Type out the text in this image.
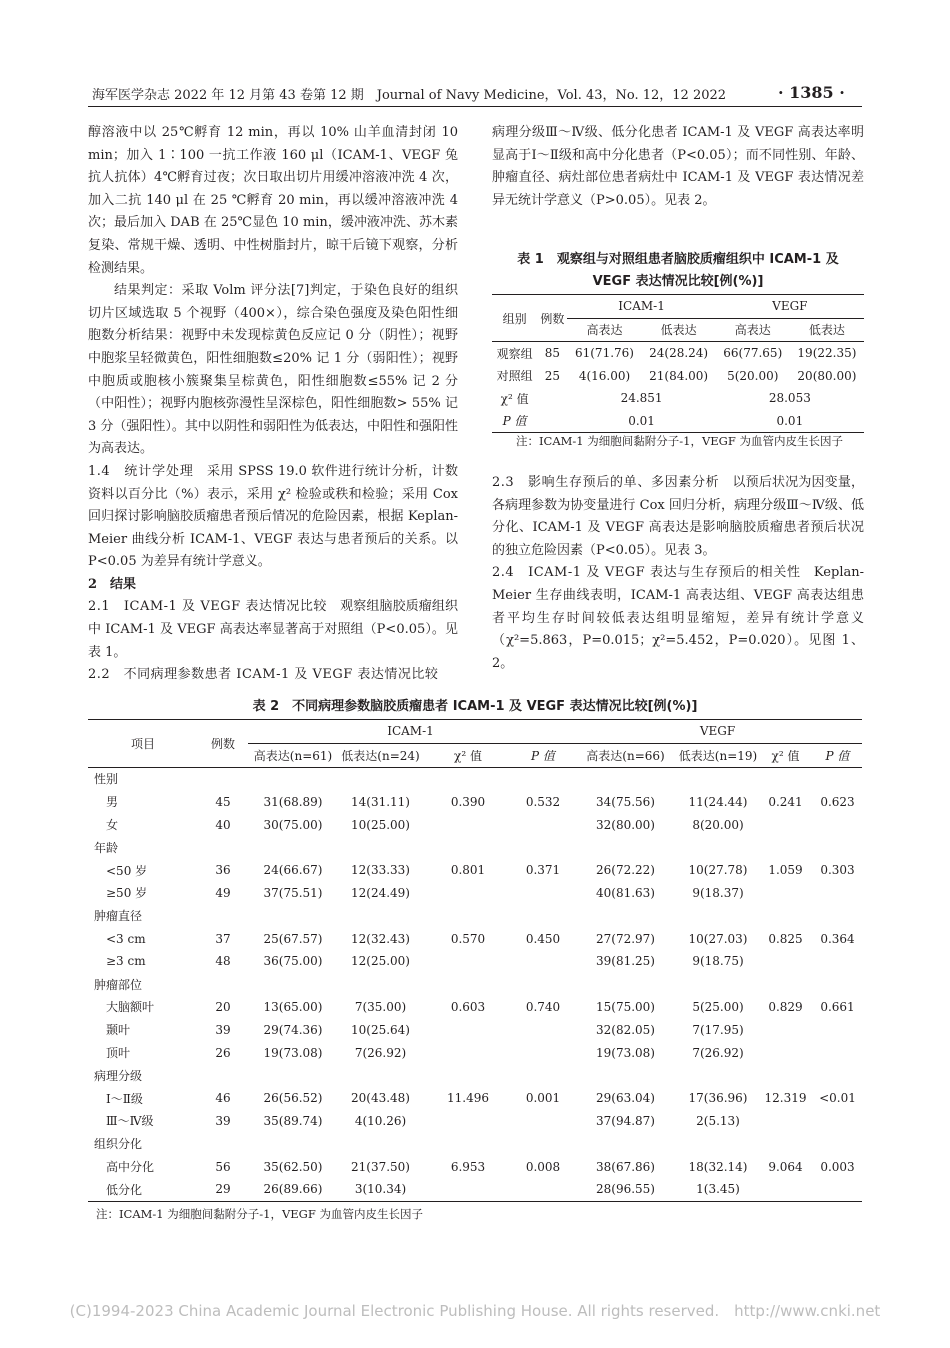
海军医学杂志 2022 年 12 月第 43 卷第 12 期　Journal of Navy Medicine，Vol. 43，No. 12，12 2022	· 1385 ·

醇溶液中以 25℃孵育 12 min，再以 10% 山羊血清封闭 10 min；加入 1∶100 一抗工作液 160 μl（ICAM-1、VEGF 兔抗人抗体）4℃孵育过夜；次日取出切片用缓冲溶液冲洗 4 次，加入二抗 140 μl 在 25 ℃孵育 20 min，再以缓冲溶液冲洗 4 次；最后加入 DAB 在 25℃显色 10 min，缓冲液冲洗、苏木素复染、常规干燥、透明、中性树脂封片，晾干后镜下观察，分析检测结果。

结果判定：采取 Volm 评分法[7]判定，于染色良好的组织切片区域选取 5 个视野（400×），综合染色强度及染色阳性细胞数分析结果：视野中未发现棕黄色反应记 0 分（阴性）；视野中胞浆呈轻微黄色，阳性细胞数≤20% 记 1 分（弱阳性）；视野中胞质或胞核小簇聚集呈棕黄色，阳性细胞数≤55% 记 2 分（中阳性）；视野内胞核弥漫性呈深棕色，阳性细胞数> 55% 记 3 分（强阳性）。其中以阴性和弱阳性为低表达，中阳性和强阳性为高表达。

1.4　统计学处理　采用 SPSS 19.0 软件进行统计分析，计数资料以百分比（%）表示，采用 χ² 检验或秩和检验；采用 Cox 回归探讨影响脑胶质瘤患者预后情况的危险因素，根据 Keplan-Meier 曲线分析 ICAM-1、VEGF 表达与患者预后的关系。以 P<0.05 为差异有统计学意义。

2　结果

2.1　ICAM-1 及 VEGF 表达情况比较　观察组脑胶质瘤组织中 ICAM-1 及 VEGF 高表达率显著高于对照组（P<0.05）。见表 1。

2.2　不同病理参数患者 ICAM-1 及 VEGF 表达情况比较

病理分级Ⅲ～Ⅳ级、低分化患者 ICAM-1 及 VEGF 高表达率明显高于Ⅰ～Ⅱ级和高中分化患者（P<0.05）；而不同性别、年龄、肿瘤直径、病灶部位患者病灶中 ICAM-1 及 VEGF 表达情况差异无统计学意义（P>0.05）。见表 2。

表 1　观察组与对照组患者脑胶质瘤组织中 ICAM-1 及
VEGF 表达情况比较[例(%)]
组别	例数	ICAM-1		VEGF	
		高表达	低表达	高表达	低表达
观察组	85	61(71.76)	24(28.24)	66(77.65)	19(22.35)
对照组	25	4(16.00)	21(84.00)	5(20.00)	20(80.00)
χ² 值		24.851		28.053	
P 值		0.01		0.01	
注：ICAM-1 为细胞间黏附分子-1，VEGF 为血管内皮生长因子

2.3　影响生存预后的单、多因素分析　以预后状况为因变量，各病理参数为协变量进行 Cox 回归分析，病理分级Ⅲ～Ⅳ级、低分化、ICAM-1 及 VEGF 高表达是影响脑胶质瘤患者预后状况的独立危险因素（P<0.05）。见表 3。

2.4　ICAM-1 及 VEGF 表达与生存预后的相关性　Keplan-Meier 生存曲线表明，ICAM-1 高表达组、VEGF 高表达组患者平均生存时间较低表达组明显缩短，差异有统计学意义（χ²=5.863，P=0.015；χ²=5.452，P=0.020）。见图 1、2。

表 2　不同病理参数脑胶质瘤患者 ICAM-1 及 VEGF 表达情况比较[例(%)]
项目	例数	ICAM-1				VEGF			
		高表达(n=61)	低表达(n=24)	χ² 值	P 值	高表达(n=66)	低表达(n=19)	χ² 值	P 值
性别									
男	45	31(68.89)	14(31.11)	0.390	0.532	34(75.56)	11(24.44)	0.241	0.623
女	40	30(75.00)	10(25.00)			32(80.00)	8(20.00)		
年龄									
<50 岁	36	24(66.67)	12(33.33)	0.801	0.371	26(72.22)	10(27.78)	1.059	0.303
≥50 岁	49	37(75.51)	12(24.49)			40(81.63)	9(18.37)		
肿瘤直径									
<3 cm	37	25(67.57)	12(32.43)	0.570	0.450	27(72.97)	10(27.03)	0.825	0.364
≥3 cm	48	36(75.00)	12(25.00)			39(81.25)	9(18.75)		
肿瘤部位									
大脑额叶	20	13(65.00)	7(35.00)	0.603	0.740	15(75.00)	5(25.00)	0.829	0.661
颞叶	39	29(74.36)	10(25.64)			32(82.05)	7(17.95)		
顶叶	26	19(73.08)	7(26.92)			19(73.08)	7(26.92)		
病理分级									
Ⅰ～Ⅱ级	46	26(56.52)	20(43.48)	11.496	0.001	29(63.04)	17(36.96)	12.319	<0.01
Ⅲ～Ⅳ级	39	35(89.74)	4(10.26)			37(94.87)	2(5.13)		
组织分化									
高中分化	56	35(62.50)	21(37.50)	6.953	0.008	38(67.86)	18(32.14)	9.064	0.003
低分化	29	26(89.66)	3(10.34)			28(96.55)	1(3.45)		
注：ICAM-1 为细胞间黏附分子-1，VEGF 为血管内皮生长因子
(C)1994-2023 China Academic Journal Electronic Publishing House. All rights reserved.　http://www.cnki.net
